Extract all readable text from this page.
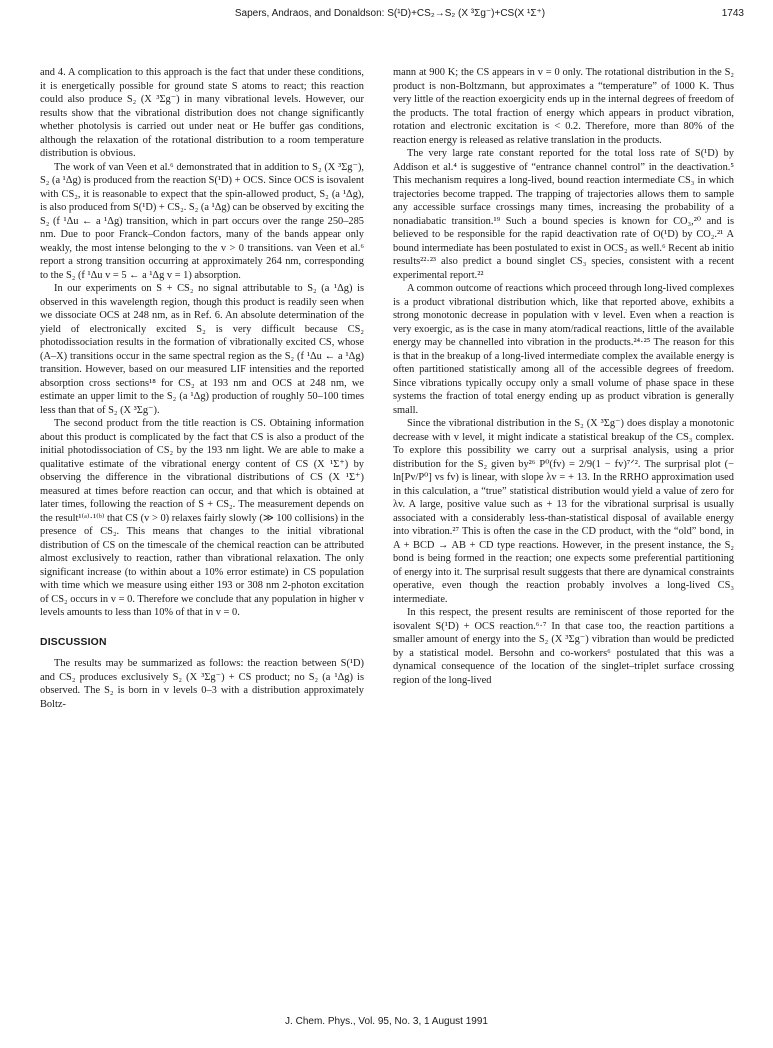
Sapers, Andraos, and Donaldson: S(¹D)+CS₂→S₂ (X ³Σg⁻)+CS(X ¹Σ⁺)	1743

and 4. A complication to this approach is the fact that under these conditions, it is energetically possible for ground state S atoms to react; this reaction could also produce S₂ (X ³Σg⁻) in many vibrational levels. However, our results show that the vibrational distribution does not change significantly whether photolysis is carried out under neat or He buffer gas conditions, although the relaxation of the rotational distribution to a room temperature distribution is obvious.

The work of van Veen et al.⁶ demonstrated that in addition to S₂ (X ³Σg⁻), S₂ (a ¹Δg) is produced from the reaction S(¹D) + OCS. Since OCS is isovalent with CS₂, it is reasonable to expect that the spin-allowed product, S₂ (a ¹Δg), is also produced from S(¹D) + CS₂. S₂ (a ¹Δg) can be observed by exciting the S₂ (f ¹Δu ← a ¹Δg) transition, which in part occurs over the range 250–285 nm. Due to poor Franck–Condon factors, many of the bands appear only weakly, the most intense belonging to the v > 0 transitions. van Veen et al.⁶ report a strong transition occurring at approximately 264 nm, corresponding to the S₂ (f ¹Δu v = 5 ← a ¹Δg v = 1) absorption.

In our experiments on S + CS₂ no signal attributable to S₂ (a ¹Δg) is observed in this wavelength region, though this product is readily seen when we dissociate OCS at 248 nm, as in Ref. 6. An absolute determination of the yield of electronically excited S₂ is very difficult because CS₂ photodissociation results in the formation of vibrationally excited CS, whose (A–X) transitions occur in the same spectral region as the S₂ (f ¹Δu ← a ¹Δg) transition. However, based on our measured LIF intensities and the reported absorption cross sections¹⁸ for CS₂ at 193 nm and OCS at 248 nm, we estimate an upper limit to the S₂ (a ¹Δg) production of roughly 50–100 times less than that of S₂ (X ³Σg⁻).

The second product from the title reaction is CS. Obtaining information about this product is complicated by the fact that CS is also a product of the initial photodissociation of CS₂ by the 193 nm light. We are able to make a qualitative estimate of the vibrational energy content of CS (X ¹Σ⁺) by observing the difference in the vibrational distributions of CS (X ¹Σ⁺) measured at times before reaction can occur, and that which is obtained at later times, following the reaction of S + CS₂. The measurement depends on the result¹⁽ᵃ⁾·¹⁽ᵇ⁾ that CS (v > 0) relaxes fairly slowly (≫ 100 collisions) in the presence of CS₂. This means that changes to the initial vibrational distribution of CS on the timescale of the chemical reaction can be attributed almost exclusively to reaction, rather than vibrational relaxation. The only significant increase (to within about a 10% error estimate) in CS population with time which we measure using either 193 or 308 nm 2-photon excitation of CS₂ occurs in v = 0. Therefore we conclude that any population in higher v levels amounts to less than 10% of that in v = 0.

DISCUSSION

The results may be summarized as follows: the reaction between S(¹D) and CS₂ produces exclusively S₂ (X ³Σg⁻) + CS product; no S₂ (a ¹Δg) is observed. The S₂ is born in v levels 0–3 with a distribution approximately Boltz-

mann at 900 K; the CS appears in v = 0 only. The rotational distribution in the S₂ product is non-Boltzmann, but approximates a “temperature” of 1000 K. Thus very little of the reaction exoergicity ends up in the internal degrees of freedom of the products. The total fraction of energy which appears in product vibration, rotation and electronic excitation is < 0.2. Therefore, more than 80% of the reaction energy is released as relative translation in the products.

The very large rate constant reported for the total loss rate of S(¹D) by Addison et al.⁴ is suggestive of “entrance channel control” in the deactivation.⁵ This mechanism requires a long-lived, bound reaction intermediate CS₃ in which trajectories become trapped. The trapping of trajectories allows them to sample any accessible surface crossings many times, increasing the probability of a nonadiabatic transition.¹⁹ Such a bound species is known for CO₃,²⁰ and is believed to be responsible for the rapid deactivation rate of O(¹D) by CO₂.²¹ A bound intermediate has been postulated to exist in OCS₂ as well.⁶ Recent ab initio results²²·²³ also predict a bound singlet CS₃ species, consistent with a recent experimental report.²²

A common outcome of reactions which proceed through long-lived complexes is a product vibrational distribution which, like that reported above, exhibits a strong monotonic decrease in population with v level. Even when a reaction is very exoergic, as is the case in many atom/radical reactions, little of the available energy may be channelled into vibration in the products.²⁴·²⁵ The reason for this is that in the breakup of a long-lived intermediate complex the available energy is often partitioned statistically among all of the accessible degrees of freedom. Since vibrations typically occupy only a small volume of phase space in these systems the fraction of total energy ending up as product vibration is generally small.

Since the vibrational distribution in the S₂ (X ³Σg⁻) does display a monotonic decrease with v level, it might indicate a statistical breakup of the CS₃ complex. To explore this possibility we carry out a surprisal analysis, using a prior distribution for the S₂ given by²⁶ P⁰(fv) = 2/9(1 − fv)⁷ᐟ². The surprisal plot (− ln[Pv/P⁰] vs fv) is linear, with slope λv = + 13. In the RRHO approximation used in this calculation, a “true” statistical distribution would yield a value of zero for λv. A large, positive value such as + 13 for the vibrational surprisal is usually associated with a considerably less-than-statistical disposal of available energy into vibration.²⁷ This is often the case in the CD product, with the “old” bond, in A + BCD → AB + CD type reactions. However, in the present instance, the S₂ bond is being formed in the reaction; one expects some preferential partitioning of energy into it. The surprisal result suggests that there are dynamical constraints operative, even though the reaction probably involves a long-lived CS₃ intermediate.

In this respect, the present results are reminiscent of those reported for the isovalent S(¹D) + OCS reaction.⁶·⁷ In that case too, the reaction partitions a smaller amount of energy into the S₂ (X ³Σg⁻) vibration than would be predicted by a statistical model. Bersohn and co-workers⁶ postulated that this was a dynamical consequence of the location of the singlet–triplet surface crossing region of the long-lived

J. Chem. Phys., Vol. 95, No. 3, 1 August 1991
